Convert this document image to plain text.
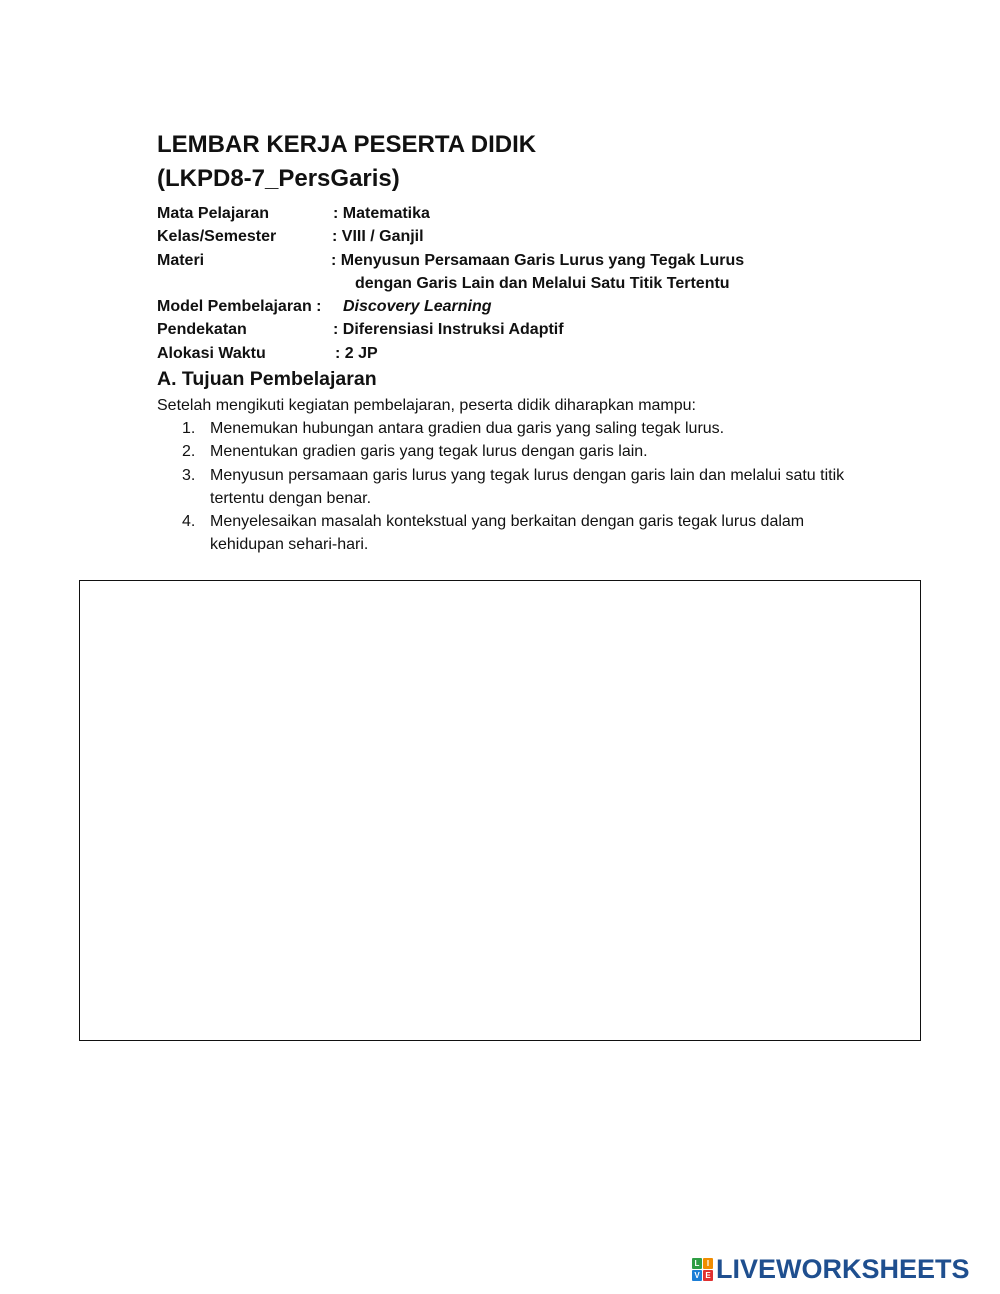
LEMBAR KERJA PESERTA DIDIK
(LKPD8-7_PersGaris)
Mata Pelajaran	: Matematika
Kelas/Semester	: VIII / Ganjil
Materi	: Menyusun Persamaan Garis Lurus yang Tegak Lurus
dengan Garis Lain dan Melalui Satu Titik Tertentu
Model Pembelajaran : Discovery Learning
Pendekatan	: Diferensiasi Instruksi Adaptif
Alokasi Waktu	: 2 JP
A. Tujuan Pembelajaran

Setelah mengikuti kegiatan pembelajaran, peserta didik diharapkan mampu:

1. Menemukan hubungan antara gradien dua garis yang saling tegak lurus.
2. Menentukan gradien garis yang tegak lurus dengan garis lain.
3. Menyusun persamaan garis lurus yang tegak lurus dengan garis lain dan melalui satu titik tertentu dengan benar.
4. Menyelesaikan masalah kontekstual yang berkaitan dengan garis tegak lurus dalam kehidupan sehari-hari.
L I
V E LIVEWORKSHEETS
